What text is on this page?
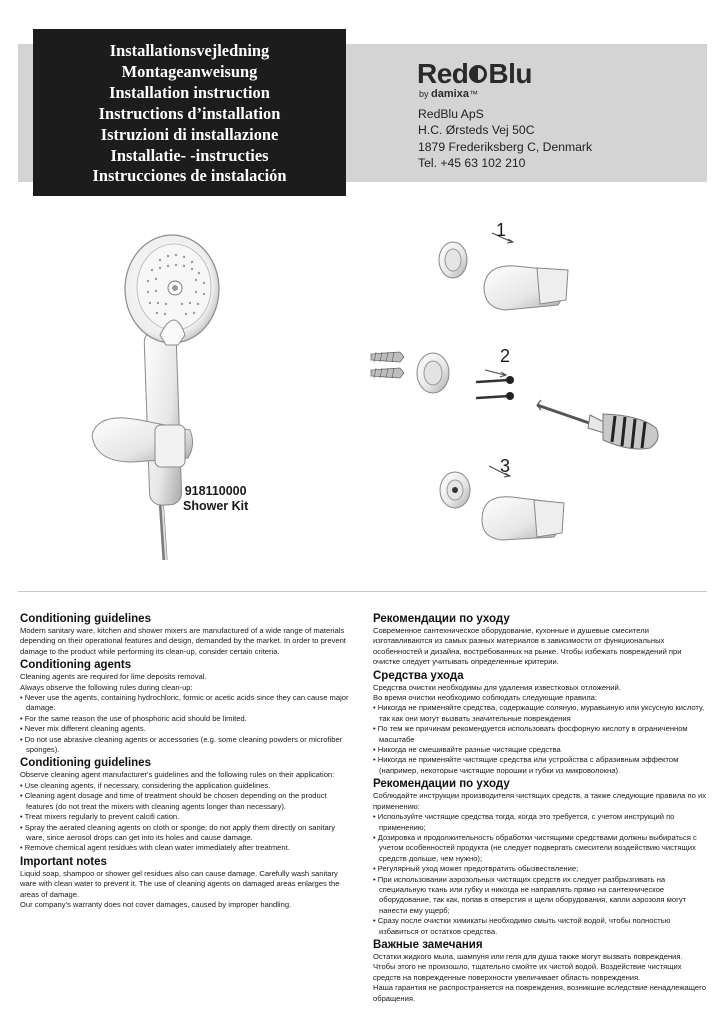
Installationsvejledning
Montageanweisung
Installation instruction
Instructions d’installation
Istruzioni di installazione
Installatie- -instructies
Instrucciones de instalación
Red Blu
by damixa™
RedBlu ApS
H.C. Ørsteds Vej 50C
1879 Frederiksberg C, Denmark
Tel. +45 63 102 210
1
2
3
918110000
Shower Kit
Conditioning guidelines

Modern sanitary ware, kitchen and shower mixers are manufactured of a wide range of materials depending on their operational features and design, demanded by the market. In order to prevent damage to the product while performing its clean-up, consider certain criteria.

Conditioning agents

Cleaning agents are required for lime deposits removal.

Always observe the following rules during clean-up:

• Never use the agents, containing hydrochloric, formic or acetic acids since they can cause major damage.
• For the same reason the use of phosphoric acid should be limited.
• Never mix different cleaning agents.
• Do not use abrasive cleaning agents or accessories (e.g. some cleaning powders or microfiber sponges).
Conditioning guidelines

Observe cleaning agent manufacturer's guidelines and the following rules on their application:

• Use cleaning agents, if necessary, considering the application guidelines.
• Cleaning agent dosage and time of treatment should be chosen depending on the product features (do not treat the mixers with cleaning agents longer than necessary).
• Treat mixers regularly to prevent calcifi cation.
• Spray the aerated cleaning agents on cloth or sponge; do not apply them directly on sanitary ware, since aerosol drops can get into its holes and cause damage.
• Remove chemical agent residues with clean water immediately after treatment.
Important notes

Liquid soap, shampoo or shower gel residues also can cause damage. Carefully wash sanitary ware with clean water to prevent it. The use of cleaning agents on damaged areas enlarges the areas of damage.

Our company's warranty does not cover damages, caused by improper handling.

Рекомендации по уходу

Современное сантехническое оборудование, кухонные и душевые смесители изготавливаются из самых разных материалов в зависимости от функциональных особенностей и дизайна, востребованных на рынке. Чтобы избежать повреждений при очистке следует учитывать определенные критерии.

Средства ухода

Средства очистки необходимы для удаления известковых отложений.

Во время очистки необходимо соблюдать следующие правила:

• Никогда не применяйте средства, содержащие соляную, муравьиную или уксусную кислоту, так как они могут вызвать значительные повреждения
• По тем же причинам рекомендуется использовать фосфорную кислоту в ограниченном масштабе
• Никогда не смешивайте разные чистящие средства
• Никогда не применяйте чистящие средства или устройства с абразивным эффектом (например, некоторые чистящие порошки и губки из микроволокна).
Рекомендации по уходу

Соблюдайте инструкции производителя чистящих средств, а также следующие правила по их применению:

• Используйте чистящие средства тогда, когда это требуется, с учетом инструкций по применению;
• Дозировка и продолжительность обработки чистящими средствами должны выбираться с учетом особенностей продукта (не следует подвергать смесители воздействию чистящих средств дольше, чем нужно);
• Регулярный уход может предотвратить обызвествление;
• При использовании аэрозольных чистящих средств их следует разбрызгивать на специальную ткань или губку и никогда не направлять прямо на сантехническое оборудование, так как, попав в отверстия и щели оборудования, капли аэрозоля могут нанести ему ущерб;
• Сразу после очистки химикаты необходимо смыть чистой водой, чтобы полностью избавиться от остатков средства.
Важные замечания

Остатки жидкого мыла, шампуня или геля для душа также могут вызвать повреждения. Чтобы этого не произошло, тщательно смойте их чистой водой. Воздействие чистящих средств на поврежденные поверхности увеличивает область повреждения.

Наша гарантия не распространяется на повреждения, возникшие вследствие ненадлежащего обращения.
